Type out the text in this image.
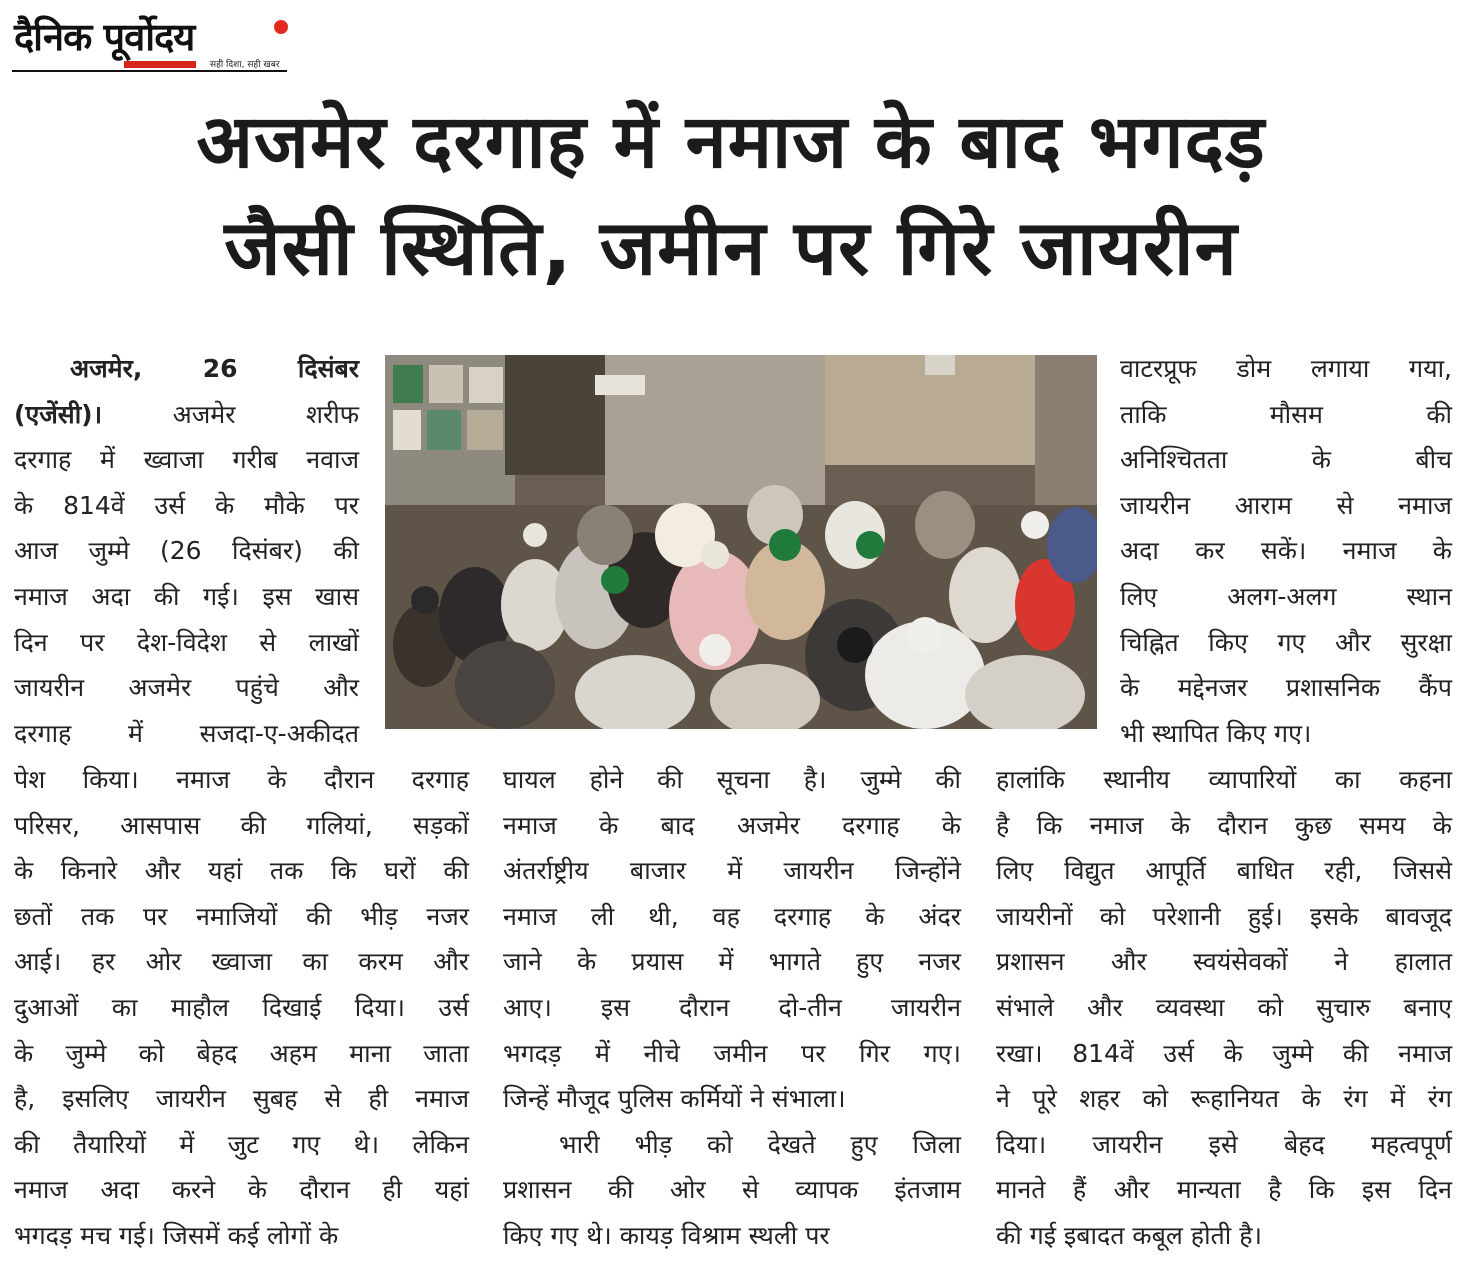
दैनिक पूर्वोदय
सही दिशा, सही खबर
अजमेर दरगाह में नमाज के बाद भगदड़
जैसी स्थिति, जमीन पर गिरे जायरीन
अजमेर, 26 दिसंबर
(एजेंसी)।	अजमेर शरीफ
दरगाह में ख्वाजा गरीब नवाज
के 814वें उर्स के मौके पर
आज जुम्मे (26 दिसंबर) की
नमाज अदा की गई। इस खास
दिन पर देश-विदेश से लाखों
जायरीन अजमेर पहुंचे और
दरगाह में सजदा-ए-अकीदत
पेश किया। नमाज के दौरान दरगाह
परिसर, आसपास की गलियां, सड़कों
के किनारे और यहां तक कि घरों की
छतों तक पर नमाजियों की भीड़ नजर
आई। हर ओर ख्वाजा का करम और
दुआओं का माहौल दिखाई दिया। उर्स
के जुम्मे को बेहद अहम माना जाता
है, इसलिए जायरीन सुबह से ही नमाज
की तैयारियों में जुट गए थे। लेकिन
नमाज अदा करने के दौरान ही यहां
भगदड़ मच गई। जिसमें कई लोगों के
घायल होने की सूचना है। जुम्मे की
नमाज के बाद अजमेर दरगाह के
अंतर्राष्ट्रीय बाजार में जायरीन जिन्होंने
नमाज ली थी, वह दरगाह के अंदर
जाने के प्रयास में भागते हुए नजर
आए। इस दौरान दो-तीन जायरीन
भगदड़ में नीचे जमीन पर गिर गए।
जिन्हें मौजूद पुलिस कर्मियों ने संभाला।
भारी भीड़ को देखते हुए जिला
प्रशासन की ओर से व्यापक इंतजाम
किए गए थे। कायड़ विश्राम स्थली पर
वाटरप्रूफ डोम लगाया गया,
ताकि मौसम की
अनिश्चितता के बीच
जायरीन आराम से नमाज
अदा कर सकें। नमाज के
लिए अलग-अलग स्थान
चिह्नित किए गए और सुरक्षा
के मद्देनजर प्रशासनिक कैंप
भी स्थापित किए गए।
हालांकि स्थानीय व्यापारियों का कहना
है कि नमाज के दौरान कुछ समय के
लिए विद्युत आपूर्ति बाधित रही, जिससे
जायरीनों को परेशानी हुई। इसके बावजूद
प्रशासन और स्वयंसेवकों ने हालात
संभाले और व्यवस्था को सुचारु बनाए
रखा। 814वें उर्स के जुम्मे की नमाज
ने पूरे शहर को रूहानियत के रंग में रंग
दिया। जायरीन इसे बेहद महत्वपूर्ण
मानते हैं और मान्यता है कि इस दिन
की गई इबादत कबूल होती है।
